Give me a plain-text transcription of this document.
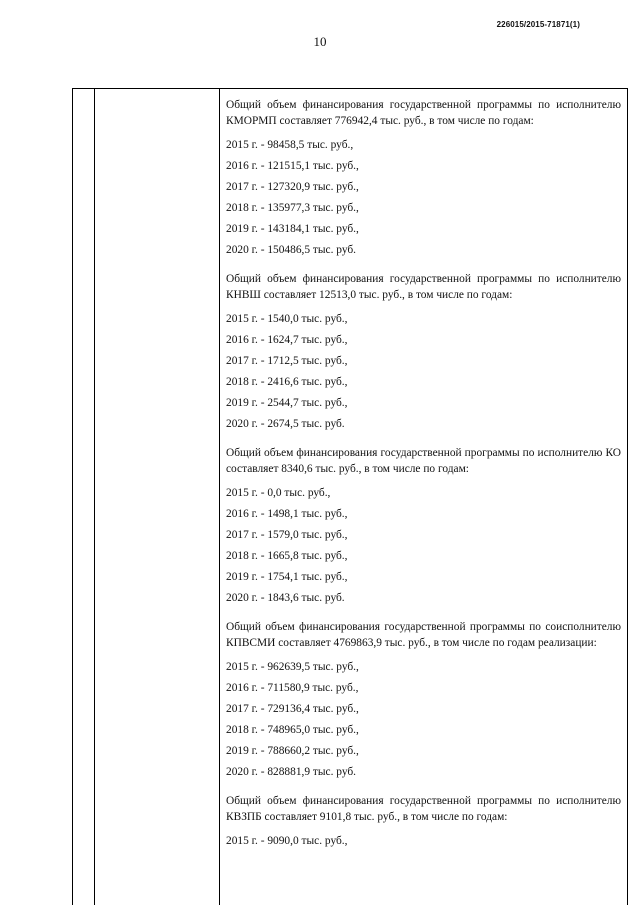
226015/2015-71871(1)
10
Общий объем финансирования государственной программы по исполнителю КМОРМП составляет 776942,4 тыс. руб., в том числе по годам:
2015 г. - 98458,5 тыс. руб.,
2016 г. - 121515,1 тыс. руб.,
2017 г. - 127320,9 тыс. руб.,
2018 г. - 135977,3 тыс. руб.,
2019 г. - 143184,1 тыс. руб.,
2020 г. - 150486,5 тыс. руб.
Общий объем финансирования государственной программы по исполнителю КНВШ составляет 12513,0 тыс. руб., в том числе по годам:
2015 г. - 1540,0 тыс. руб.,
2016 г. - 1624,7 тыс. руб.,
2017 г. - 1712,5 тыс. руб.,
2018 г. - 2416,6 тыс. руб.,
2019 г. - 2544,7 тыс. руб.,
2020 г. - 2674,5 тыс. руб.
Общий объем финансирования государственной программы по исполнителю КО составляет 8340,6 тыс. руб., в том числе по годам:
2015 г. - 0,0 тыс. руб.,
2016 г. - 1498,1 тыс. руб.,
2017 г. - 1579,0 тыс. руб.,
2018 г. - 1665,8 тыс. руб.,
2019 г. - 1754,1 тыс. руб.,
2020 г. - 1843,6 тыс. руб.
Общий объем финансирования государственной программы по соисполнителю КПВСМИ составляет 4769863,9 тыс. руб., в том числе по годам реализации:
2015 г. - 962639,5 тыс. руб.,
2016 г. - 711580,9 тыс. руб.,
2017 г. - 729136,4 тыс. руб.,
2018 г. - 748965,0 тыс. руб.,
2019 г. - 788660,2 тыс. руб.,
2020 г. - 828881,9 тыс. руб.
Общий объем финансирования государственной программы по исполнителю КВЗПБ составляет 9101,8 тыс. руб., в том числе по годам:
2015 г. - 9090,0 тыс. руб.,
